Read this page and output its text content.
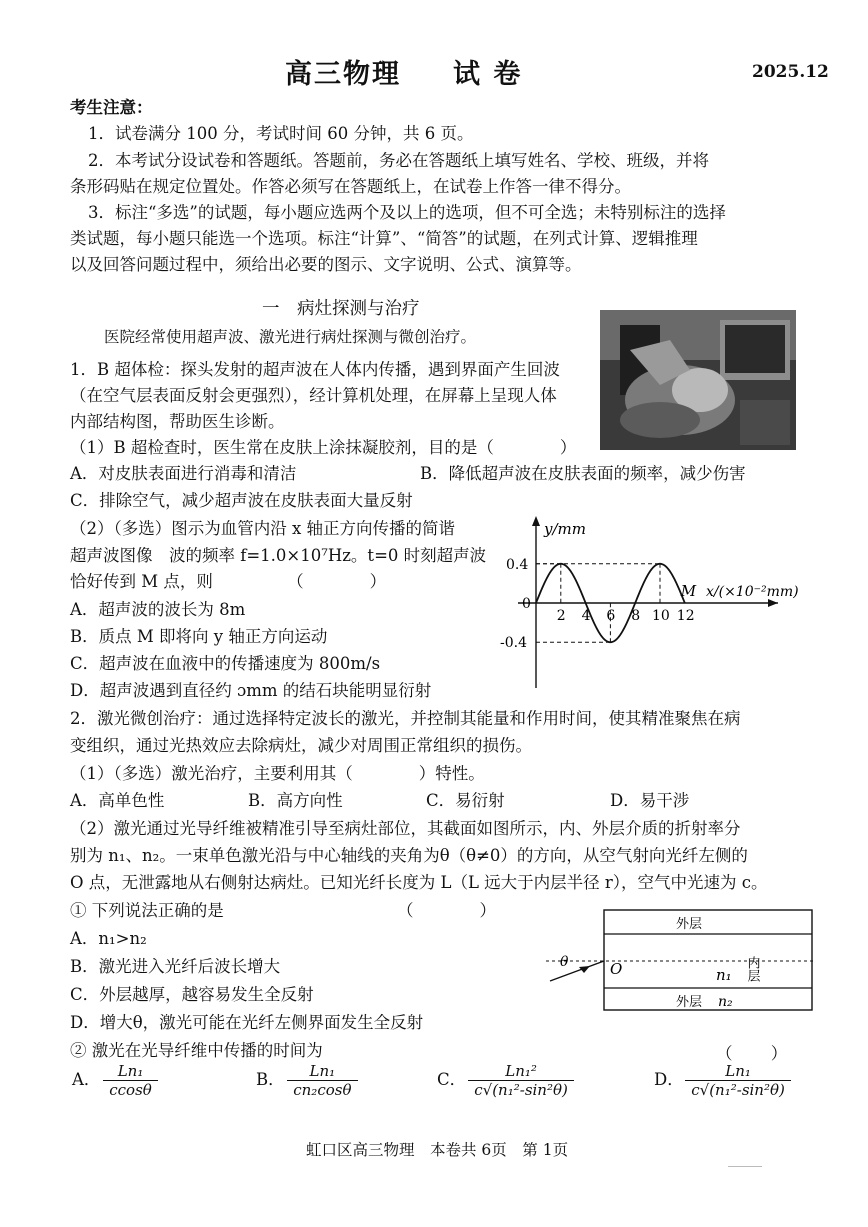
高三物理 试 卷	2025.12
考生注意：
1．试卷满分 100 分，考试时间 60 分钟，共 6 页。
2．本考试分设试卷和答题纸。答题前，务必在答题纸上填写姓名、学校、班级，并将
条形码贴在规定位置处。作答必须写在答题纸上，在试卷上作答一律不得分。
3．标注“多选”的试题，每小题应选两个及以上的选项，但不可全选；未特别标注的选择
类试题，每小题只能选一个选项。标注“计算”、“简答”的试题，在列式计算、逻辑推理
以及回答问题过程中，须给出必要的图示、文字说明、公式、演算等。
一　病灶探测与治疗
医院经常使用超声波、激光进行病灶探测与微创治疗。
1．B 超体检：探头发射的超声波在人体内传播，遇到界面产生回波
（在空气层表面反射会更强烈），经计算机处理，在屏幕上呈现人体
内部结构图，帮助医生诊断。
（1）B 超检查时，医生常在皮肤上涂抹凝胶剂，目的是（　　　　）
A．对皮肤表面进行消毒和清洁	B．降低超声波在皮肤表面的频率，减少伤害
C．排除空气，减少超声波在皮肤表面大量反射
（2）（多选）图示为血管内沿 x 轴正方向传播的简谐
超声波图像　波的频率 f=1.0×10⁷Hz。t=0 时刻超声波
恰好传到 M 点，则　　　　　（　　　　）
A．超声波的波长为 8m
B．质点 M 即将向 y 轴正方向运动
C．超声波在血液中的传播速度为 800m/s
D．超声波遇到直径约 ɔmm 的结石块能明显衍射
y/mm
x/(×10⁻²mm)
0
2 4 6 8 10 12
0.4
-0.4
M
2．激光微创治疗：通过选择特定波长的激光，并控制其能量和作用时间，使其精准聚焦在病
变组织，通过光热效应去除病灶，减少对周围正常组织的损伤。
（1）（多选）激光治疗，主要利用其（　　　　）特性。
A．高单色性	B．高方向性	C．易衍射	D．易干涉
（2）激光通过光导纤维被精准引导至病灶部位，其截面如图所示，内、外层介质的折射率分
别为 n₁、n₂。一束单色激光沿与中心轴线的夹角为θ（θ≠0）的方向，从空气射向光纤左侧的
O 点，无泄露地从右侧射达病灶。已知光纤长度为 L（L 远大于内层半径 r），空气中光速为 c。
① 下列说法正确的是　　　　　　　　　　　（　　　　）
A．n₁>n₂
B．激光进入光纤后波长增大
C．外层越厚，越容易发生全反射
D．增大θ，激光可能在光纤左侧界面发生全反射
② 激光在光导纤维中传播的时间为	（　　 ）
θ	O
外层
n₁ 内层
外层 n₂
A． $\frac{\text{Ln₁}}{ccos\theta}$	B． $\frac{\text{Ln₁}}{\text{cn₂cosθ}}$	C． $\frac{\text{Ln₁²}}{\text{c√(n₁²-sin²θ)}}$	D． $\frac{\text{Ln₁}}{\text{c√(n₁²-sin²θ)}}$
虹口区高三物理　本卷共 6页　第 1页
